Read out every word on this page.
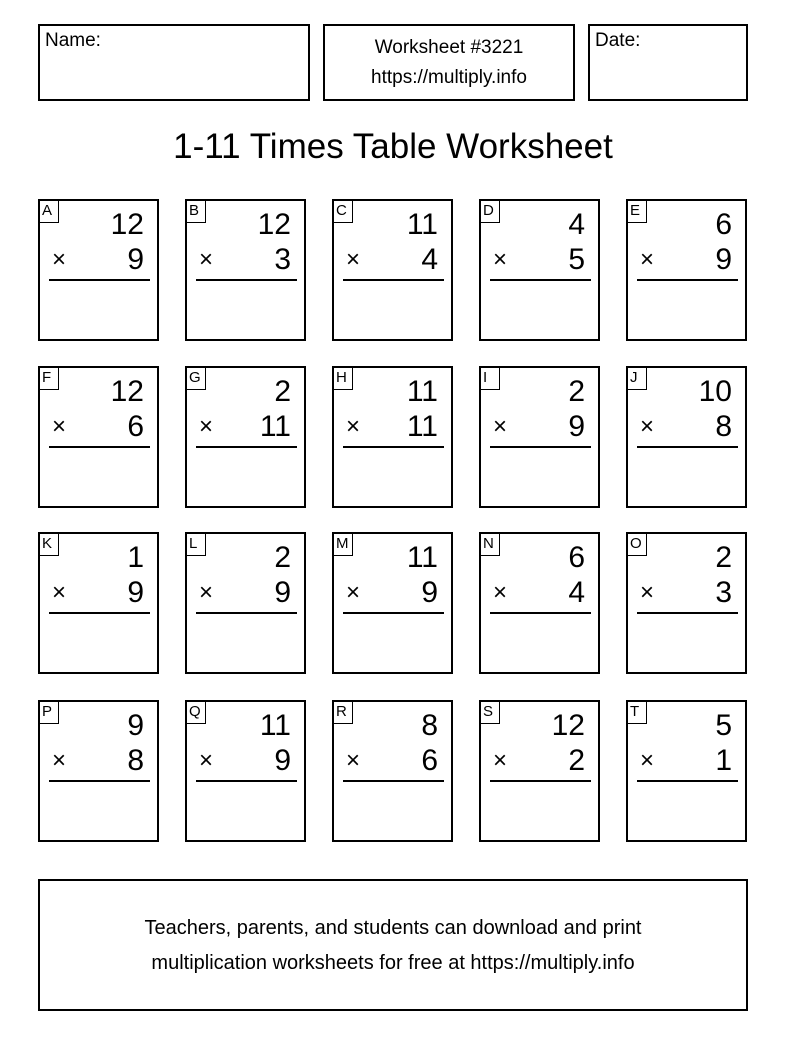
Name:	Worksheet #3221
https://multiply.info
Date:
1-11 Times Table Worksheet
A 12
× 9
B 12
× 3
C 11
× 4
D 4
× 5
E	6
× 9
F 12
× 6
G 2
× 11
H 11
× 11
I	2
× 9
J	10
× 8
K	1
× 9
L	2
× 9
M 11
× 9
N 6
× 4
O 2
× 3
P	9
× 8
Q 11
× 9
R 8
× 6
S 12
× 2
T	5
× 1
Teachers, parents, and students can download and print
multiplication worksheets for free at https://multiply.info
